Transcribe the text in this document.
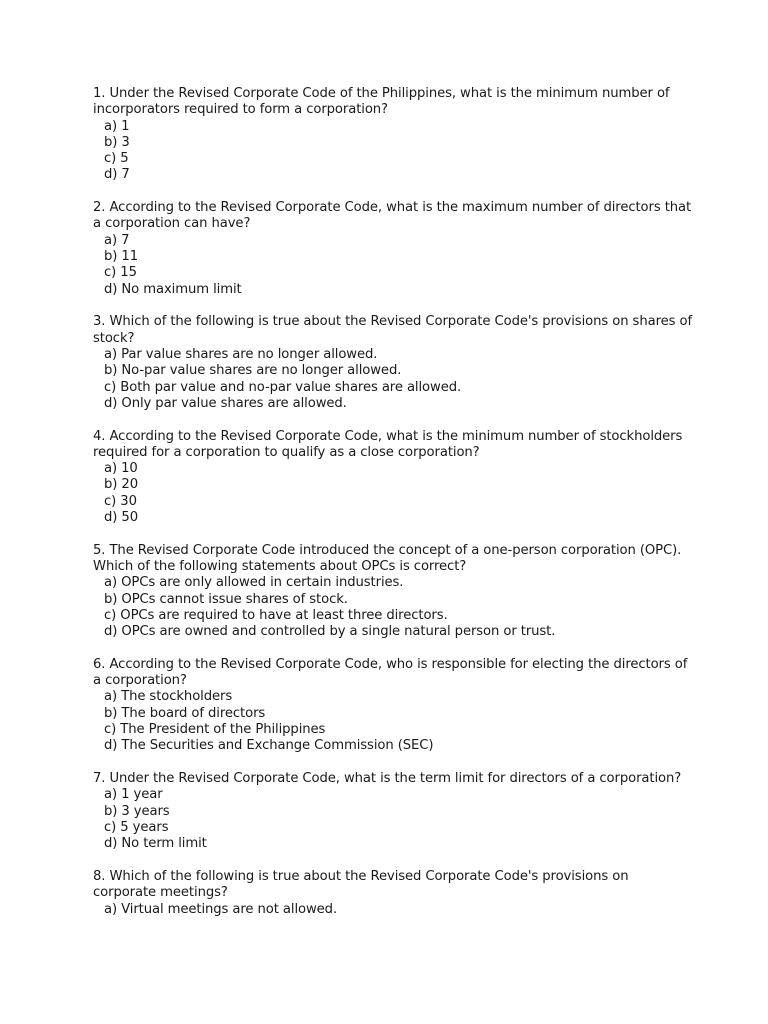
1. Under the Revised Corporate Code of the Philippines, what is the minimum number of incorporators required to form a corporation?

a) 1
b) 3
c) 5
d) 7

2. According to the Revised Corporate Code, what is the maximum number of directors that a corporation can have?

a) 7
b) 11
c) 15
d) No maximum limit

3. Which of the following is true about the Revised Corporate Code's provisions on shares of stock?

a) Par value shares are no longer allowed.
b) No-par value shares are no longer allowed.
c) Both par value and no-par value shares are allowed.
d) Only par value shares are allowed.

4. According to the Revised Corporate Code, what is the minimum number of stockholders required for a corporation to qualify as a close corporation?

a) 10
b) 20
c) 30
d) 50

5. The Revised Corporate Code introduced the concept of a one-person corporation (OPC). Which of the following statements about OPCs is correct?

a) OPCs are only allowed in certain industries.
b) OPCs cannot issue shares of stock.
c) OPCs are required to have at least three directors.
d) OPCs are owned and controlled by a single natural person or trust.

6. According to the Revised Corporate Code, who is responsible for electing the directors of a corporation?

a) The stockholders
b) The board of directors
c) The President of the Philippines
d) The Securities and Exchange Commission (SEC)

7. Under the Revised Corporate Code, what is the term limit for directors of a corporation?

a) 1 year
b) 3 years
c) 5 years
d) No term limit

8. Which of the following is true about the Revised Corporate Code's provisions on corporate meetings?

a) Virtual meetings are not allowed.
